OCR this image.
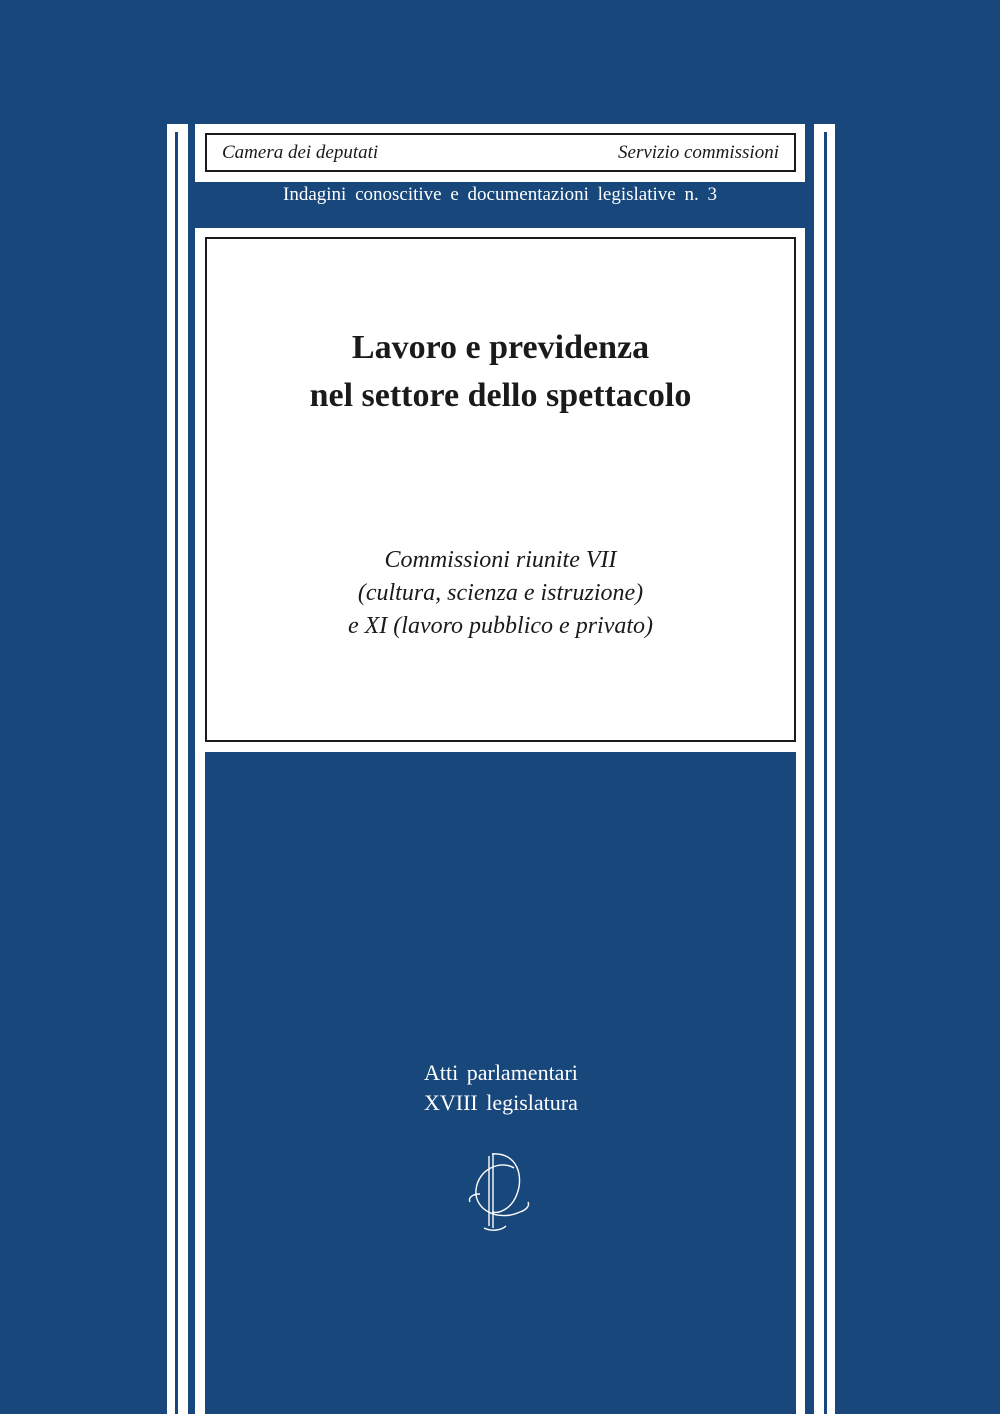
Camera dei deputati	Servizio commissioni
Indagini conoscitive e documentazioni legislative n. 3
Lavoro e previdenza
nel settore dello spettacolo
Commissioni riunite VII
(cultura, scienza e istruzione)
e XI (lavoro pubblico e privato)
Atti parlamentari
XVIII legislatura
